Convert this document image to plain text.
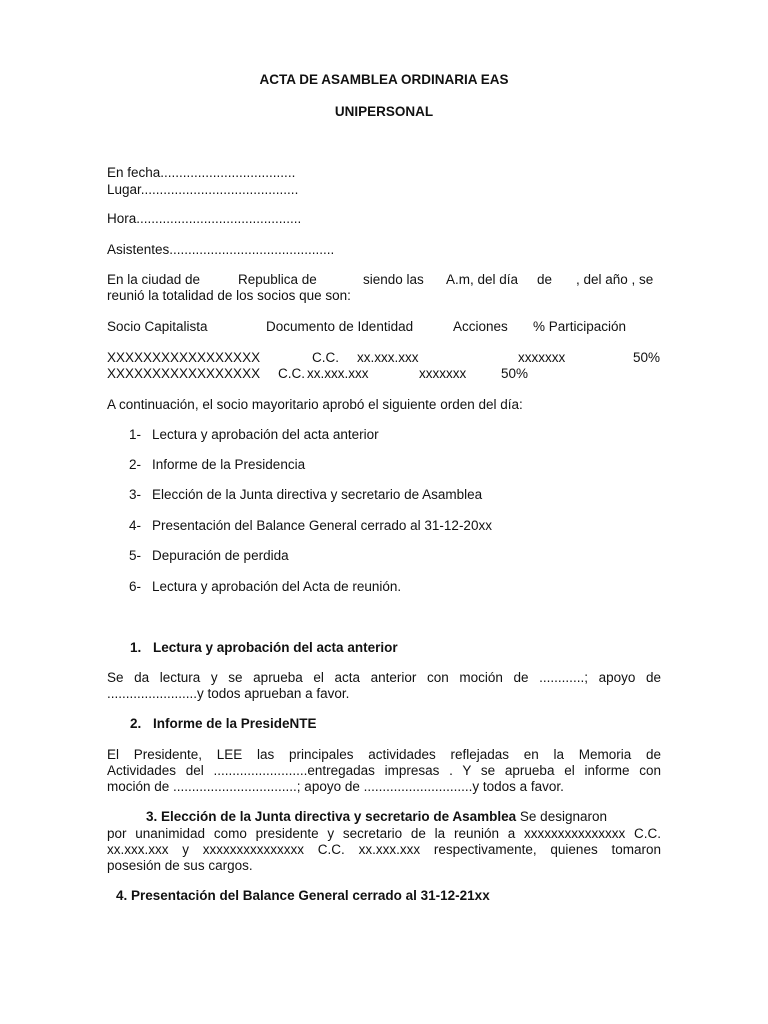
ACTA DE ASAMBLEA ORDINARIA EAS
UNIPERSONAL
En fecha....................................
Lugar..........................................
Hora............................................
Asistentes............................................
En la ciudad de	Republica de	siendo las A.m, del día de , del año , se
reunió la totalidad de los socios que son:
Socio Capitalista	Documento de Identidad	Acciones % Participación
XXXXXXXXXXXXXXXXX	C.C. xx.xxx.xxx	xxxxxxx	50%
XXXXXXXXXXXXXXXXX C.C. xx.xxx.xxx	xxxxxxx	50%
A continuación, el socio mayoritario aprobó el siguiente orden del día:
1- Lectura y aprobación del acta anterior
2- Informe de la Presidencia
3- Elección de la Junta directiva y secretario de Asamblea
4- Presentación del Balance General cerrado al 31-12-20xx
5- Depuración de perdida
6- Lectura y aprobación del Acta de reunión.
1. Lectura y aprobación del acta anterior
Se da lectura y se aprueba el acta anterior con moción de ............; apoyo de
........................y todos aprueban a favor.
2. Informe de la PresideNTE
El Presidente, LEE las principales actividades reflejadas en la Memoria de
Actividades del .........................entregadas impresas . Y se aprueba el informe con
moción de .................................; apoyo de .............................y todos a favor.
3. Elección de la Junta directiva y secretario de Asamblea Se designaron
por unanimidad como presidente y secretario de la reunión a xxxxxxxxxxxxxxx C.C.
xx.xxx.xxx y xxxxxxxxxxxxxxx C.C. xx.xxx.xxx respectivamente, quienes tomaron
posesión de sus cargos.
4. Presentación del Balance General cerrado al 31-12-21xx
